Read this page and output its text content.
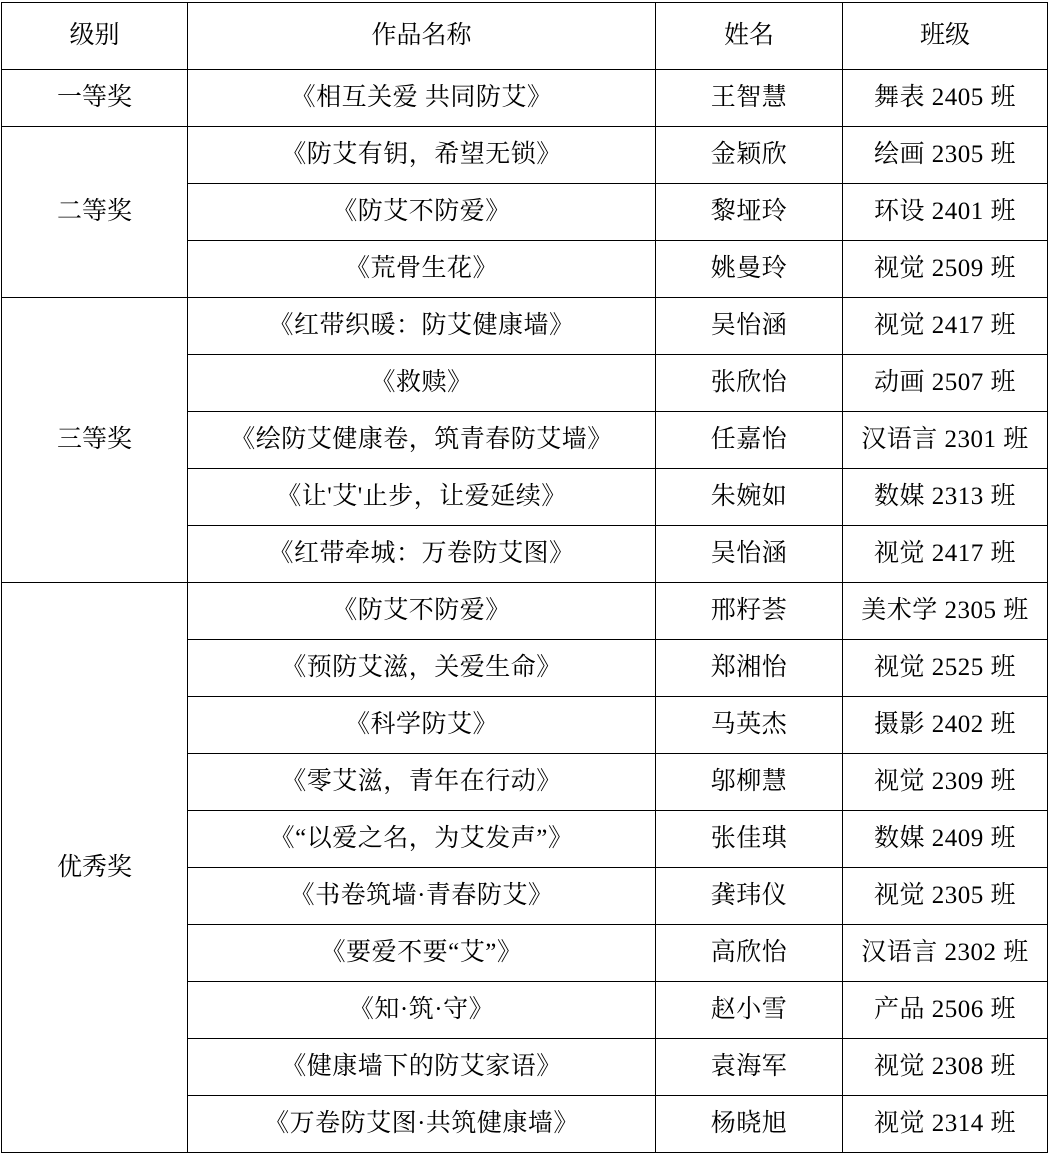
级别	作品名称	姓名	班级
一等奖	《相互关爱 共同防艾》	王智慧	舞表 2405 班
二等奖	《防艾有钥，希望无锁》	金颖欣	绘画 2305 班
	《防艾不防爱》	黎垭玲	环设 2401 班
	《荒骨生花》	姚曼玲	视觉 2509 班
三等奖	《红带织暖：防艾健康墙》	吴怡涵	视觉 2417 班
	《救赎》	张欣怡	动画 2507 班
	《绘防艾健康卷，筑青春防艾墙》	任嘉怡	汉语言 2301 班
	《让'艾'止步，让爱延续》	朱婉如	数媒 2313 班
	《红带牵城：万卷防艾图》	吴怡涵	视觉 2417 班
优秀奖	《防艾不防爱》	邢籽荟	美术学 2305 班
	《预防艾滋，关爱生命》	郑湘怡	视觉 2525 班
	《科学防艾》	马英杰	摄影 2402 班
	《零艾滋，青年在行动》	邬柳慧	视觉 2309 班
	《“以爱之名，为艾发声”》	张佳琪	数媒 2409 班
	《书卷筑墙·青春防艾》	龚玮仪	视觉 2305 班
	《要爱不要“艾”》	高欣怡	汉语言 2302 班
	《知·筑·守》	赵小雪	产品 2506 班
	《健康墙下的防艾家语》	袁海军	视觉 2308 班
	《万卷防艾图·共筑健康墙》	杨晓旭	视觉 2314 班
